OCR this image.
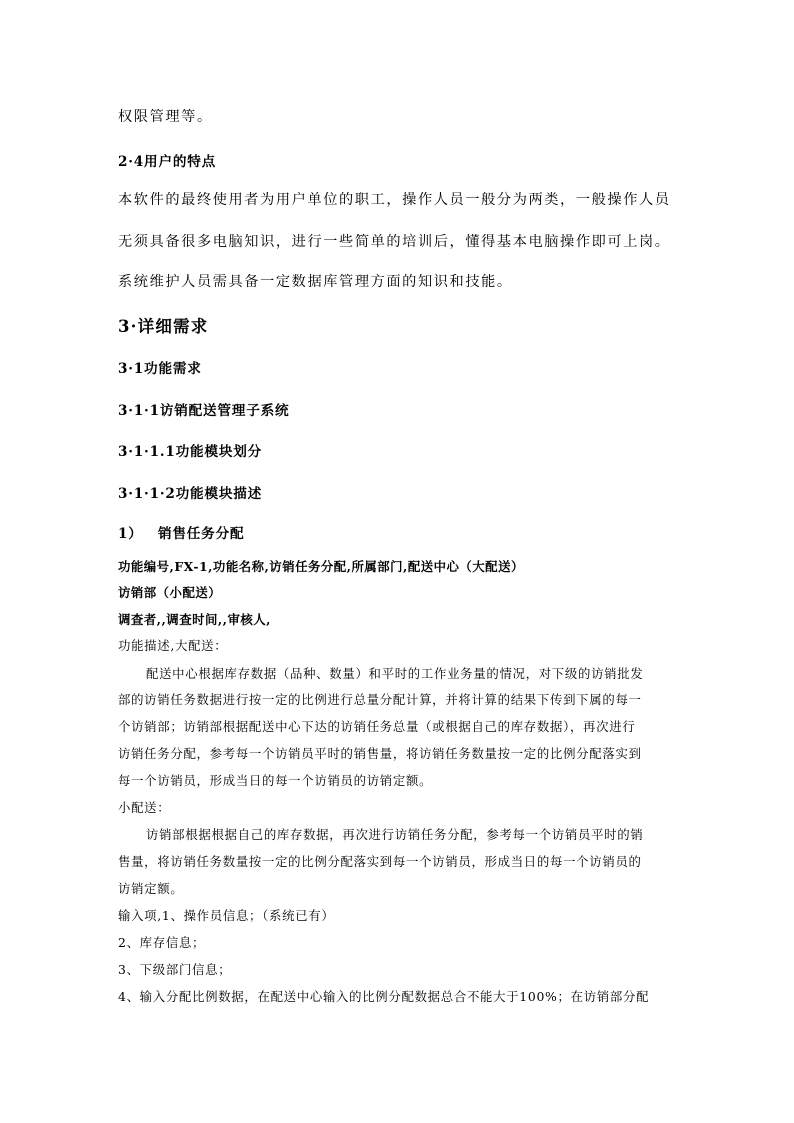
权限管理等。
2·4用户的特点
本软件的最终使用者为用户单位的职工，操作人员一般分为两类，一般操作人员
无须具备很多电脑知识，进行一些简单的培训后，懂得基本电脑操作即可上岗。
系统维护人员需具备一定数据库管理方面的知识和技能。
3·详细需求
3·1功能需求
3·1·1访销配送管理子系统
3·1·1.1功能模块划分
3·1·1·2功能模块描述
1） 销售任务分配
功能编号,FX-1,功能名称,访销任务分配,所属部门,配送中心（大配送）
访销部（小配送）
调查者,,调查时间,,审核人,
功能描述,大配送：
配送中心根据库存数据（品种、数量）和平时的工作业务量的情况，对下级的访销批发
部的访销任务数据进行按一定的比例进行总量分配计算，并将计算的结果下传到下属的每一
个访销部；访销部根据配送中心下达的访销任务总量（或根据自己的库存数据），再次进行
访销任务分配，参考每一个访销员平时的销售量，将访销任务数量按一定的比例分配落实到
每一个访销员，形成当日的每一个访销员的访销定额。
小配送：
访销部根据根据自己的库存数据，再次进行访销任务分配，参考每一个访销员平时的销
售量，将访销任务数量按一定的比例分配落实到每一个访销员，形成当日的每一个访销员的
访销定额。
输入项,1、操作员信息；（系统已有）
2、库存信息；
3、下级部门信息；
4、输入分配比例数据，在配送中心输入的比例分配数据总合不能大于100%；在访销部分配
